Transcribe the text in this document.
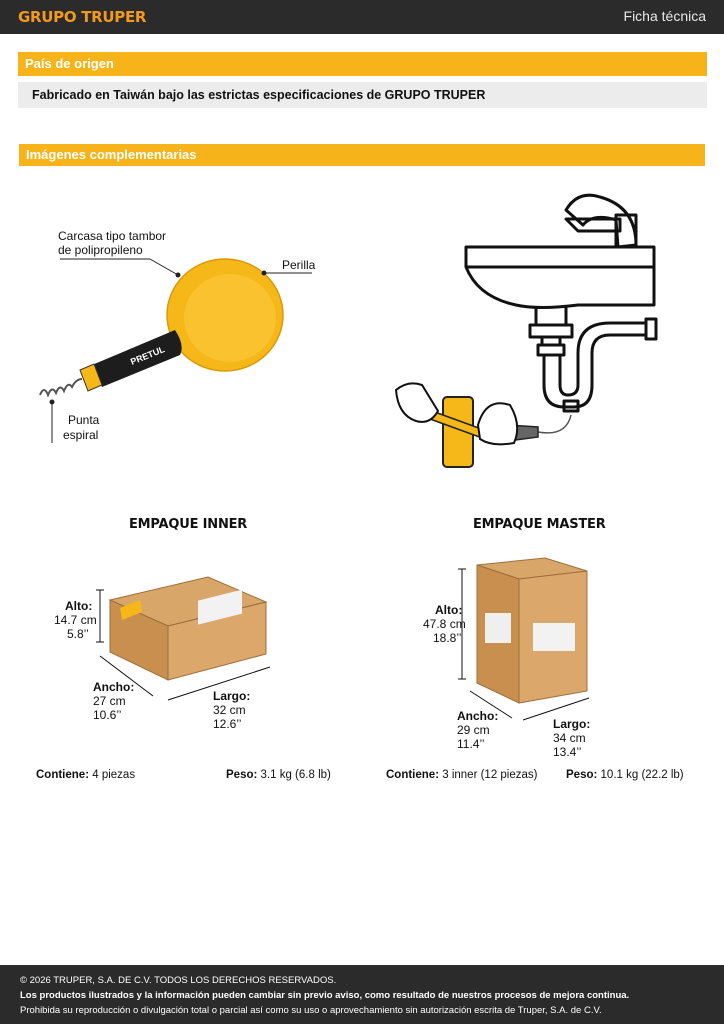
GRUPO TRUPER	Ficha técnica
País de origen
Fabricado en Taiwán bajo las estrictas especificaciones de GRUPO TRUPER
Imágenes complementarias
PRETUL
Carcasa tipo tambor
de polipropileno
Perilla
Punta
espiral
EMPAQUE INNER
Alto:
14.7 cm
5.8’’
Ancho:
27 cm
10.6’’
Largo:
32 cm
12.6’’
Contiene: 4 piezas	Peso: 3.1 kg (6.8 lb)
EMPAQUE MASTER
Alto:
47.8 cm
18.8’’
Ancho:
29 cm
11.4’’
Largo:
34 cm
13.4’’
Contiene: 3 inner (12 piezas) Peso: 10.1 kg (22.2 lb)
© 2026 TRUPER, S.A. DE C.V. TODOS LOS DERECHOS RESERVADOS.
Los productos ilustrados y la información pueden cambiar sin previo aviso, como resultado de nuestros procesos de mejora continua.
Prohibida su reproducción o divulgación total o parcial así como su uso o aprovechamiento sin autorización escrita de Truper, S.A. de C.V.
